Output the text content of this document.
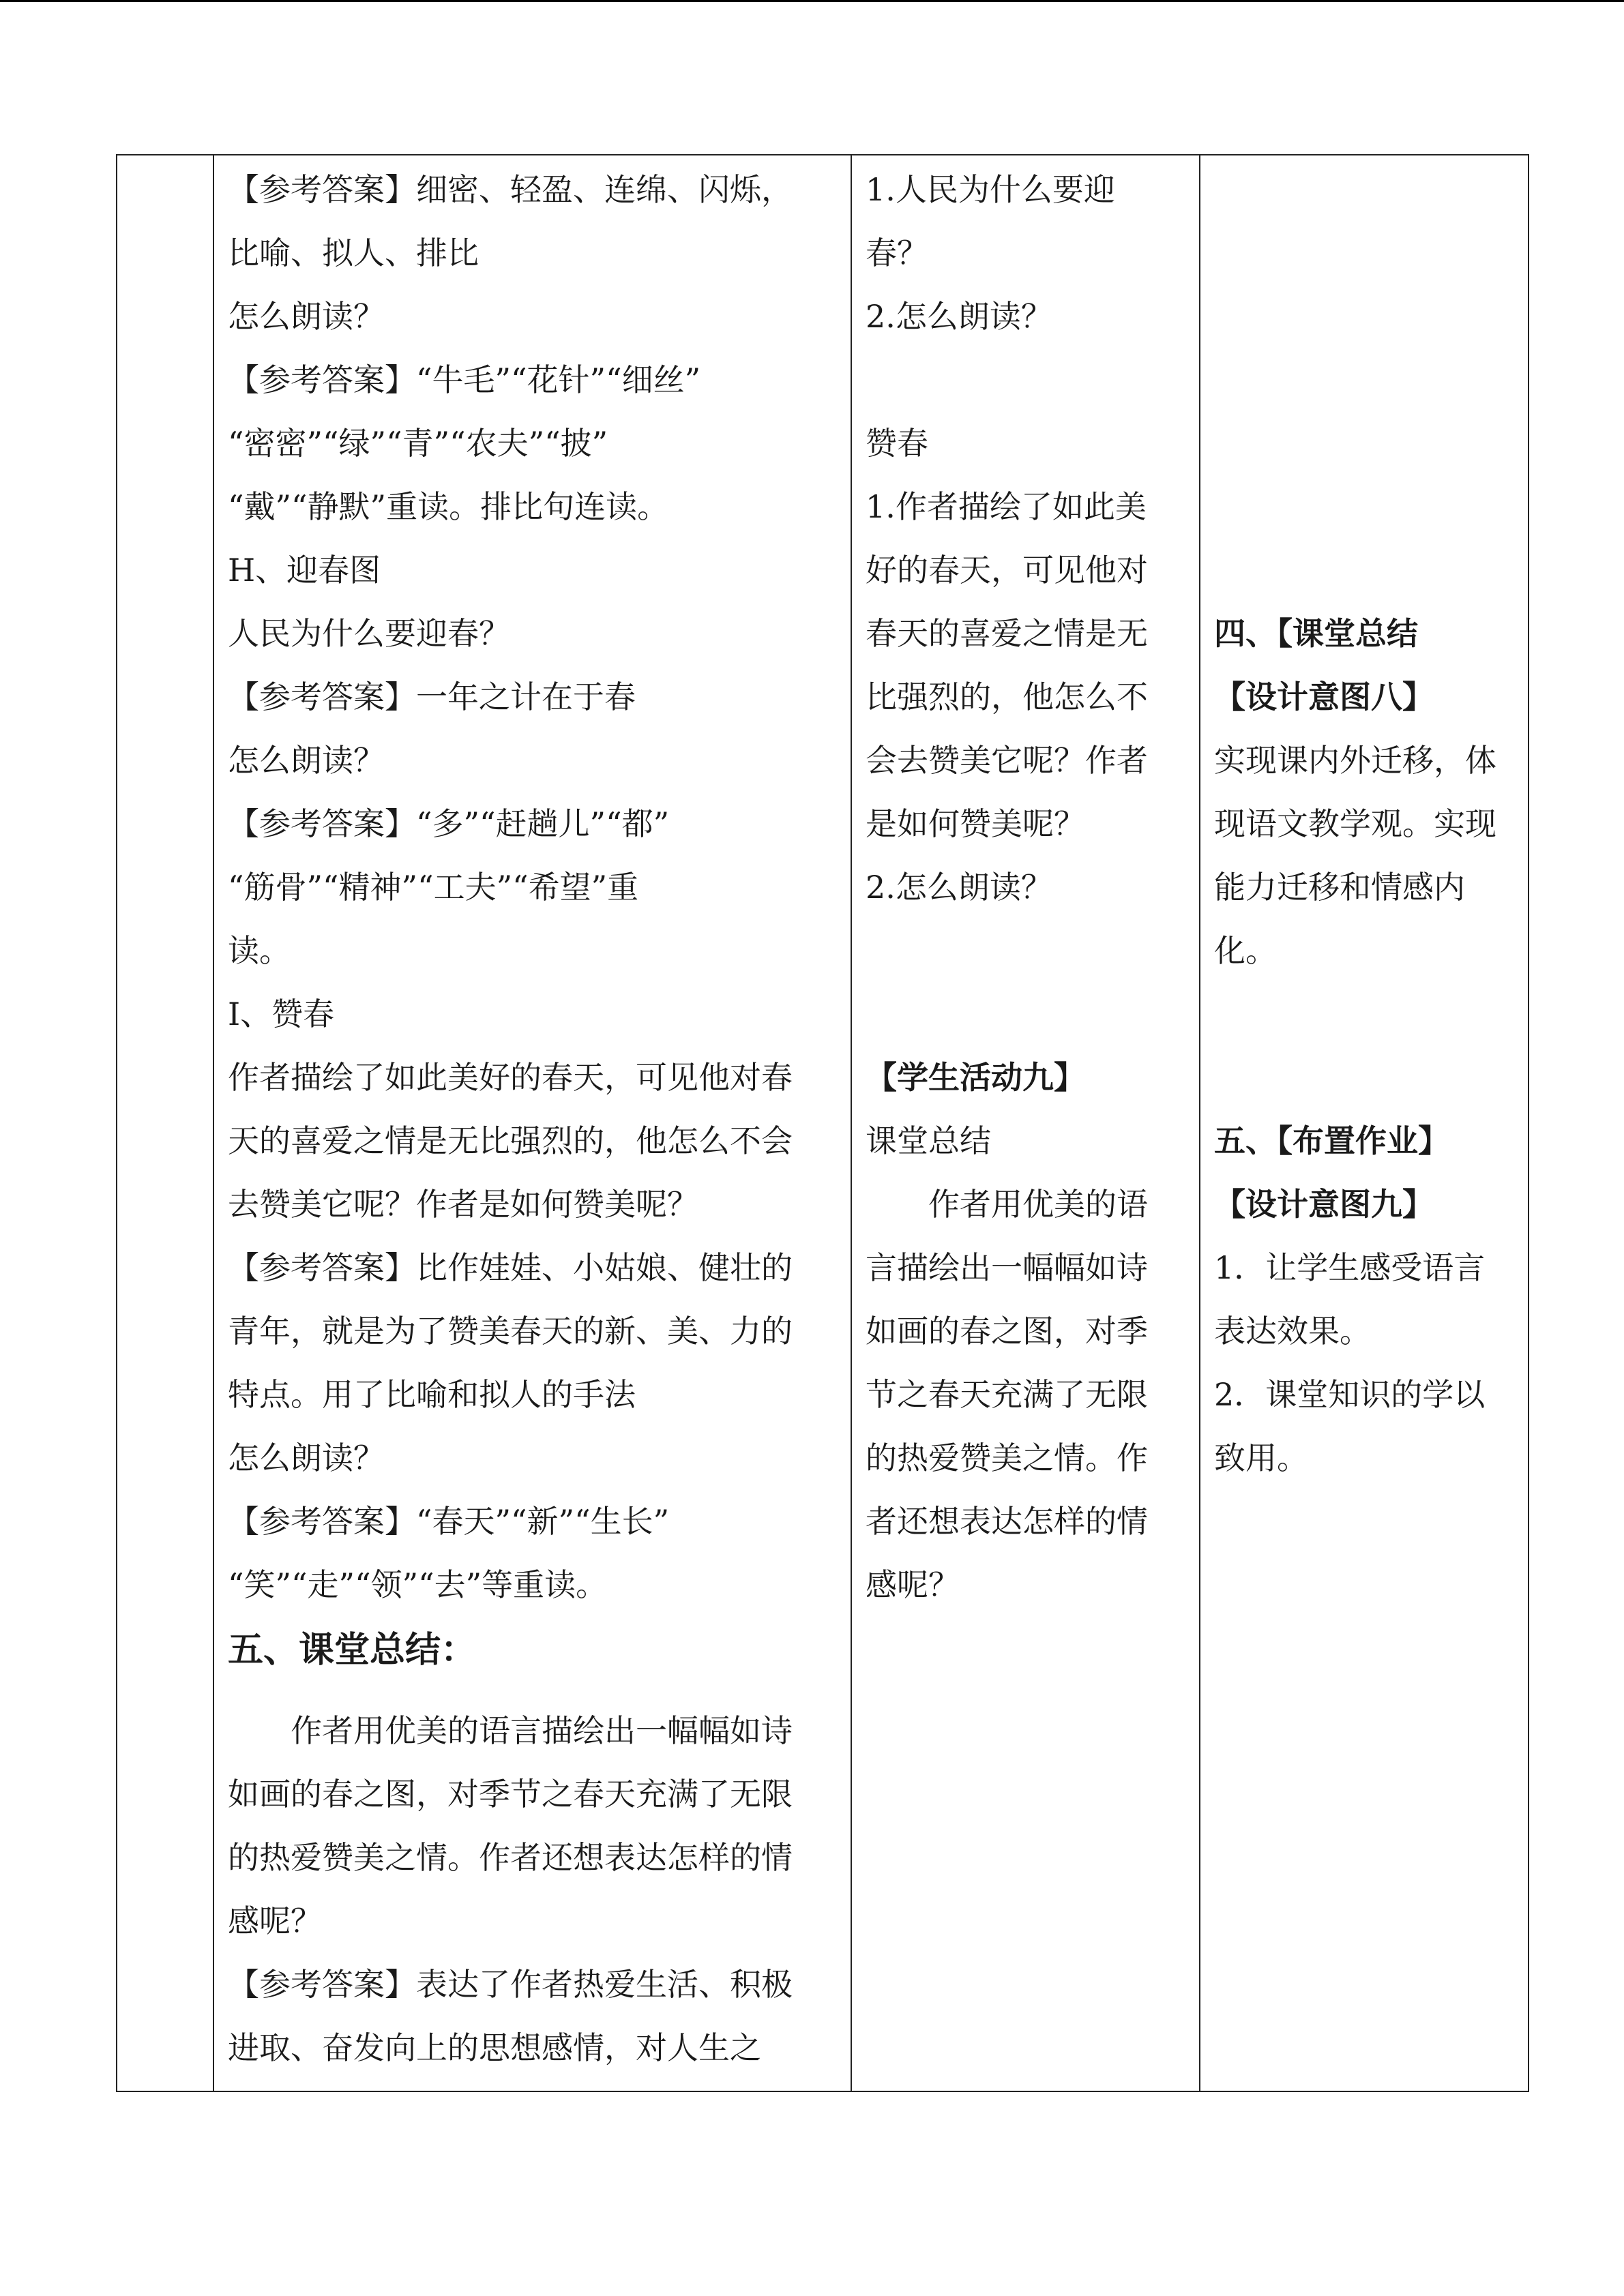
【参考答案】细密、轻盈、连绵、闪烁，
比喻、拟人、排比
怎么朗读？
【参考答案】“牛毛”“花针”“细丝”
“密密”“绿”“青”“农夫”“披”
“戴”“静默”重读。排比句连读。
H、迎春图
人民为什么要迎春？
【参考答案】一年之计在于春
怎么朗读？
【参考答案】“多”“赶趟儿”“都”
“筋骨”“精神”“工夫”“希望”重
读。
I、赞春
作者描绘了如此美好的春天，可见他对春
天的喜爱之情是无比强烈的，他怎么不会
去赞美它呢？作者是如何赞美呢？
【参考答案】比作娃娃、小姑娘、健壮的
青年，就是为了赞美春天的新、美、力的
特点。用了比喻和拟人的手法
怎么朗读？
【参考答案】“春天”“新”“生长”
“笑”“走”“领”“去”等重读。
五、课堂总结：
　　作者用优美的语言描绘出一幅幅如诗
如画的春之图，对季节之春天充满了无限
的热爱赞美之情。作者还想表达怎样的情
感呢？
【参考答案】表达了作者热爱生活、积极
进取、奋发向上的思想感情，对人生之
1.人民为什么要迎
春？
2.怎么朗读？
赞春
1.作者描绘了如此美
好的春天，可见他对
春天的喜爱之情是无
比强烈的，他怎么不
会去赞美它呢？作者
是如何赞美呢？
2.怎么朗读？
【学生活动九】
课堂总结
　　作者用优美的语
言描绘出一幅幅如诗
如画的春之图，对季
节之春天充满了无限
的热爱赞美之情。作
者还想表达怎样的情
感呢？
四、【课堂总结
【设计意图八】
实现课内外迁移，体
现语文教学观。实现
能力迁移和情感内
化。
五、【布置作业】
【设计意图九】
1．让学生感受语言
表达效果。
2．课堂知识的学以
致用。
